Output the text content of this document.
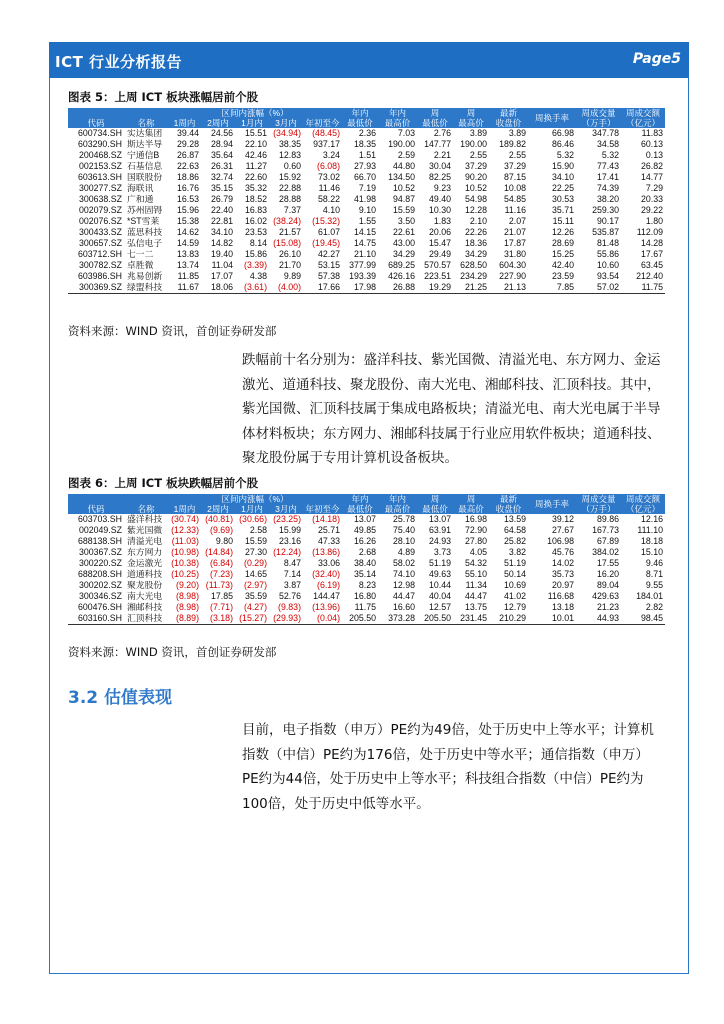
ICT 行业分析报告	Page5
图表 5：上周 ICT 板块涨幅居前个股
		区间内涨幅（%）					年内	年内	周	周	最新	周换手率	周成交量	周成交额
代码	名称	1周内	2周内	1月内	3月内	年初至今	最低价	最高价	最低价	最高价	收盘价		（万手）	（亿元）
600734.SH	实达集团	39.44	24.56	15.51	(34.94)	(48.45)	2.36	7.03	2.76	3.89	3.89	66.98	347.78	11.83
603290.SH	斯达半导	29.28	28.94	22.10	38.35	937.17	18.35	190.00	147.77	190.00	189.82	86.46	34.58	60.13
200468.SZ	宁通信B	26.87	35.64	42.46	12.83	3.24	1.51	2.59	2.21	2.55	2.55	5.32	5.32	0.13
002153.SZ	石基信息	22.63	26.31	11.27	0.60	(6.08)	27.93	44.80	30.04	37.29	37.29	15.90	77.43	26.82
603613.SH	国联股份	18.86	32.74	22.60	15.92	73.02	66.70	134.50	82.25	90.20	87.15	34.10	17.41	14.77
300277.SZ	海联讯	16.76	35.15	35.32	22.88	11.46	7.19	10.52	9.23	10.52	10.08	22.25	74.39	7.29
300638.SZ	广和通	16.53	26.79	18.52	28.88	58.22	41.98	94.87	49.40	54.98	54.85	30.53	38.20	20.33
002079.SZ	苏州固锝	15.96	22.40	16.83	7.37	4.10	9.10	15.59	10.30	12.28	11.16	35.71	259.30	29.22
002076.SZ	*ST雪莱	15.38	22.81	16.02	(38.24)	(15.32)	1.55	3.50	1.83	2.10	2.07	15.11	90.17	1.80
300433.SZ	蓝思科技	14.62	34.10	23.53	21.57	61.07	14.15	22.61	20.06	22.26	21.07	12.26	535.87	112.09
300657.SZ	弘信电子	14.59	14.82	8.14	(15.08)	(19.45)	14.75	43.00	15.47	18.36	17.87	28.69	81.48	14.28
603712.SH	七一二	13.83	19.40	15.86	26.10	42.27	21.10	34.29	29.49	34.29	31.80	15.25	55.86	17.67
300782.SZ	卓胜微	13.74	11.04	(3.39)	21.70	53.15	377.99	689.25	570.57	628.50	604.30	42.40	10.60	63.45
603986.SH	兆易创新	11.85	17.07	4.38	9.89	57.38	193.39	426.16	223.51	234.29	227.90	23.59	93.54	212.40
300369.SZ	绿盟科技	11.67	18.06	(3.61)	(4.00)	17.66	17.98	26.88	19.29	21.25	21.13	7.85	57.02	11.75
资料来源：WIND 资讯，首创证券研发部

跌幅前十名分别为：盛洋科技、紫光国微、清溢光电、东方网力、金运激光、道通科技、聚龙股份、南大光电、湘邮科技、汇顶科技。其中，紫光国微、汇顶科技属于集成电路板块；清溢光电、南大光电属于半导体材料板块；东方网力、湘邮科技属于行业应用软件板块；道通科技、聚龙股份属于专用计算机设备板块。

图表 6：上周 ICT 板块跌幅居前个股
		区间内涨幅（%）					年内	年内	周	周	最新	周换手率	周成交量	周成交额
代码	名称	1周内	2周内	1月内	3月内	年初至今	最低价	最高价	最低价	最高价	收盘价		（万手）	（亿元）
603703.SH	盛洋科技	(30.74)	(40.81)	(30.66)	(23.25)	(14.18)	13.07	25.78	13.07	16.98	13.59	39.12	89.86	12.16
002049.SZ	紫光国微	(12.33)	(9.69)	2.58	15.99	25.71	49.85	75.40	63.91	72.90	64.58	27.67	167.73	111.10
688138.SH	清溢光电	(11.03)	9.80	15.59	23.16	47.33	16.26	28.10	24.93	27.80	25.82	106.98	67.89	18.18
300367.SZ	东方网力	(10.98)	(14.84)	27.30	(12.24)	(13.86)	2.68	4.89	3.73	4.05	3.82	45.76	384.02	15.10
300220.SZ	金运激光	(10.38)	(6.84)	(0.29)	8.47	33.06	38.40	58.02	51.19	54.32	51.19	14.02	17.55	9.46
688208.SH	道通科技	(10.25)	(7.23)	14.65	7.14	(32.40)	35.14	74.10	49.63	55.10	50.14	35.73	16.20	8.71
300202.SZ	聚龙股份	(9.20)	(11.73)	(2.97)	3.87	(6.19)	8.23	12.98	10.44	11.34	10.69	20.97	89.04	9.55
300346.SZ	南大光电	(8.98)	17.85	35.59	52.76	144.47	16.80	44.47	40.04	44.47	41.02	116.68	429.63	184.01
600476.SH	湘邮科技	(8.98)	(7.71)	(4.27)	(9.83)	(13.96)	11.75	16.60	12.57	13.75	12.79	13.18	21.23	2.82
603160.SH	汇顶科技	(8.89)	(3.18)	(15.27)	(29.93)	(0.04)	205.50	373.28	205.50	231.45	210.29	10.01	44.93	98.45
资料来源：WIND 资讯，首创证券研发部
3.2 估值表现

目前，电子指数（申万）PE约为49倍，处于历史中上等水平；计算机指数（中信）PE约为176倍，处于历史中等水平；通信指数（申万）PE约为44倍，处于历史中上等水平；科技组合指数（中信）PE约为100倍，处于历史中低等水平。
